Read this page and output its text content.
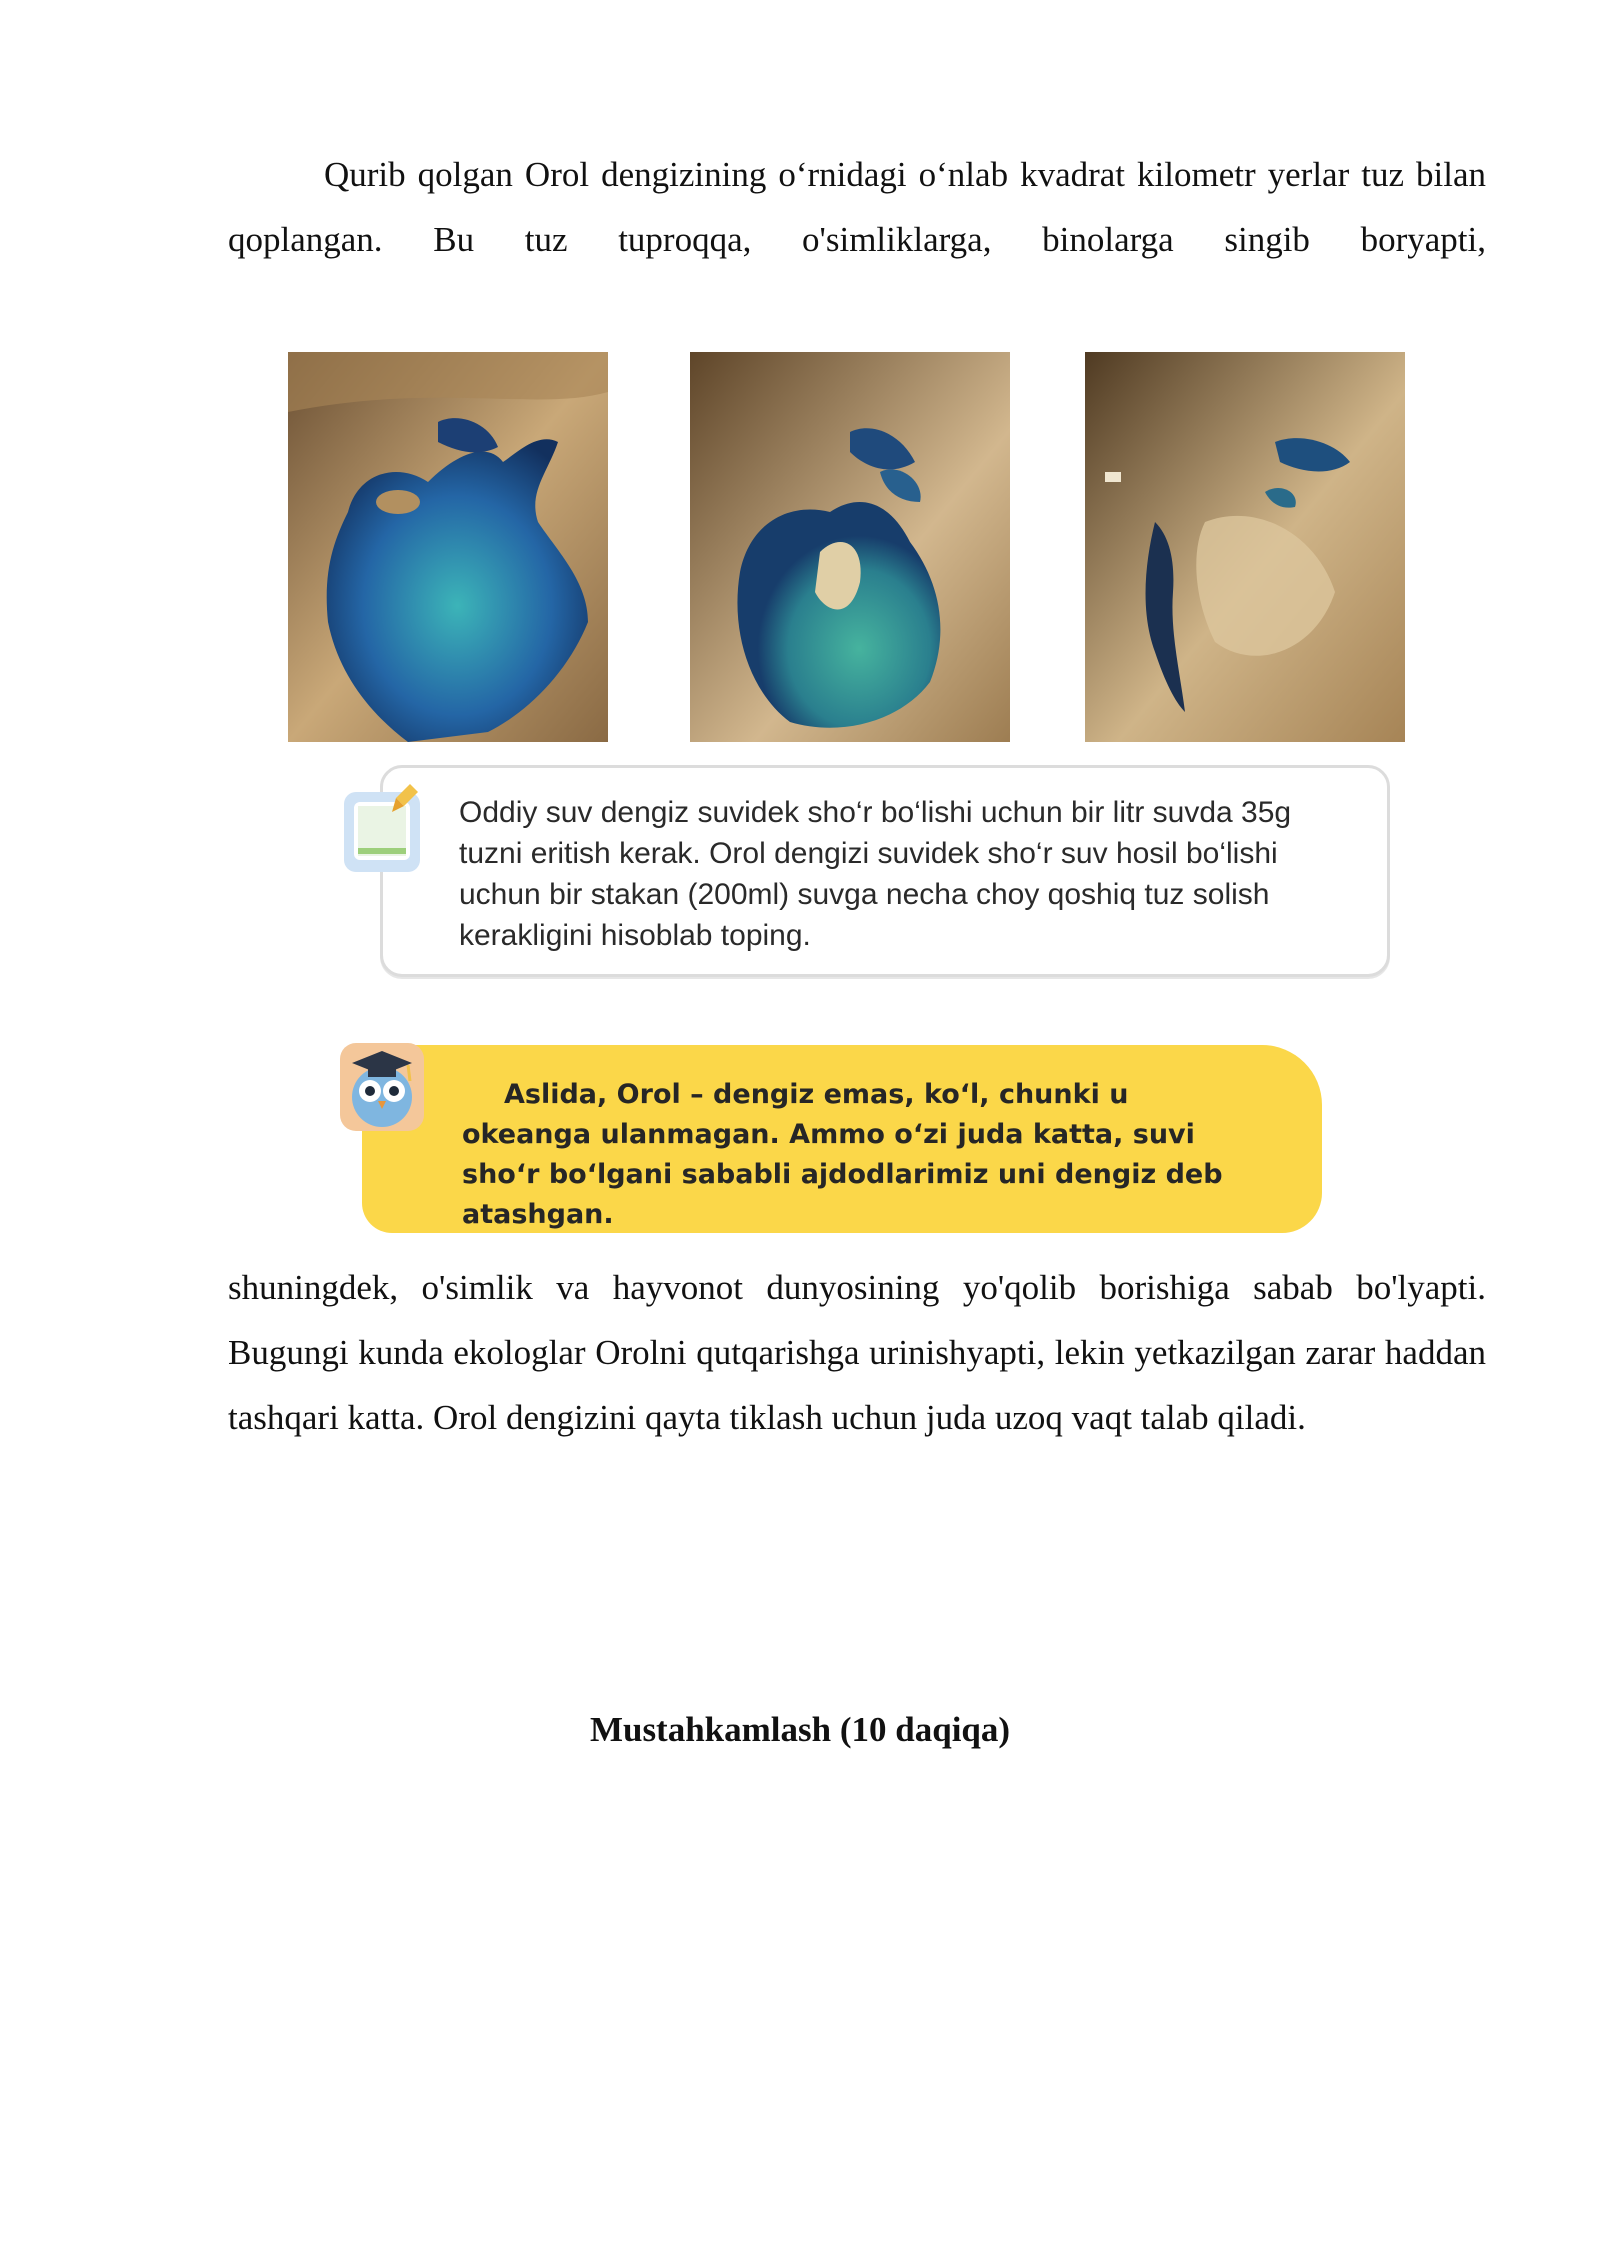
Qurib qolgan Orol dengizining o‘rnidagi o‘nlab kvadrat kilometr yerlar tuz bilan qoplangan. Bu tuz tuproqqa, o'simliklarga, binolarga singib boryapti,

Oddiy suv dengiz suvidek sho‘r bo‘lishi uchun bir litr suvda 35g tuzni eritish kerak. Orol dengizi suvidek sho‘r suv hosil bo‘lishi uchun bir stakan (200ml) suvga necha choy qoshiq tuz solish kerakligini hisoblab toping.
Aslida, Orol – dengiz emas, ko‘l, chunki u okeanga ulanmagan. Ammo o‘zi juda katta, suvi sho‘r bo‘lgani sababli ajdodlarimiz uni dengiz deb atashgan.

shuningdek, o'simlik va hayvonot dunyosining yo'qolib borishiga sabab bo'lyapti. Bugungi kunda ekologlar Orolni qutqarishga urinishyapti, lekin yetkazilgan zarar haddan tashqari katta. Orol dengizini qayta tiklash uchun juda uzoq vaqt talab qiladi.

Mustahkamlash (10 daqiqa)
